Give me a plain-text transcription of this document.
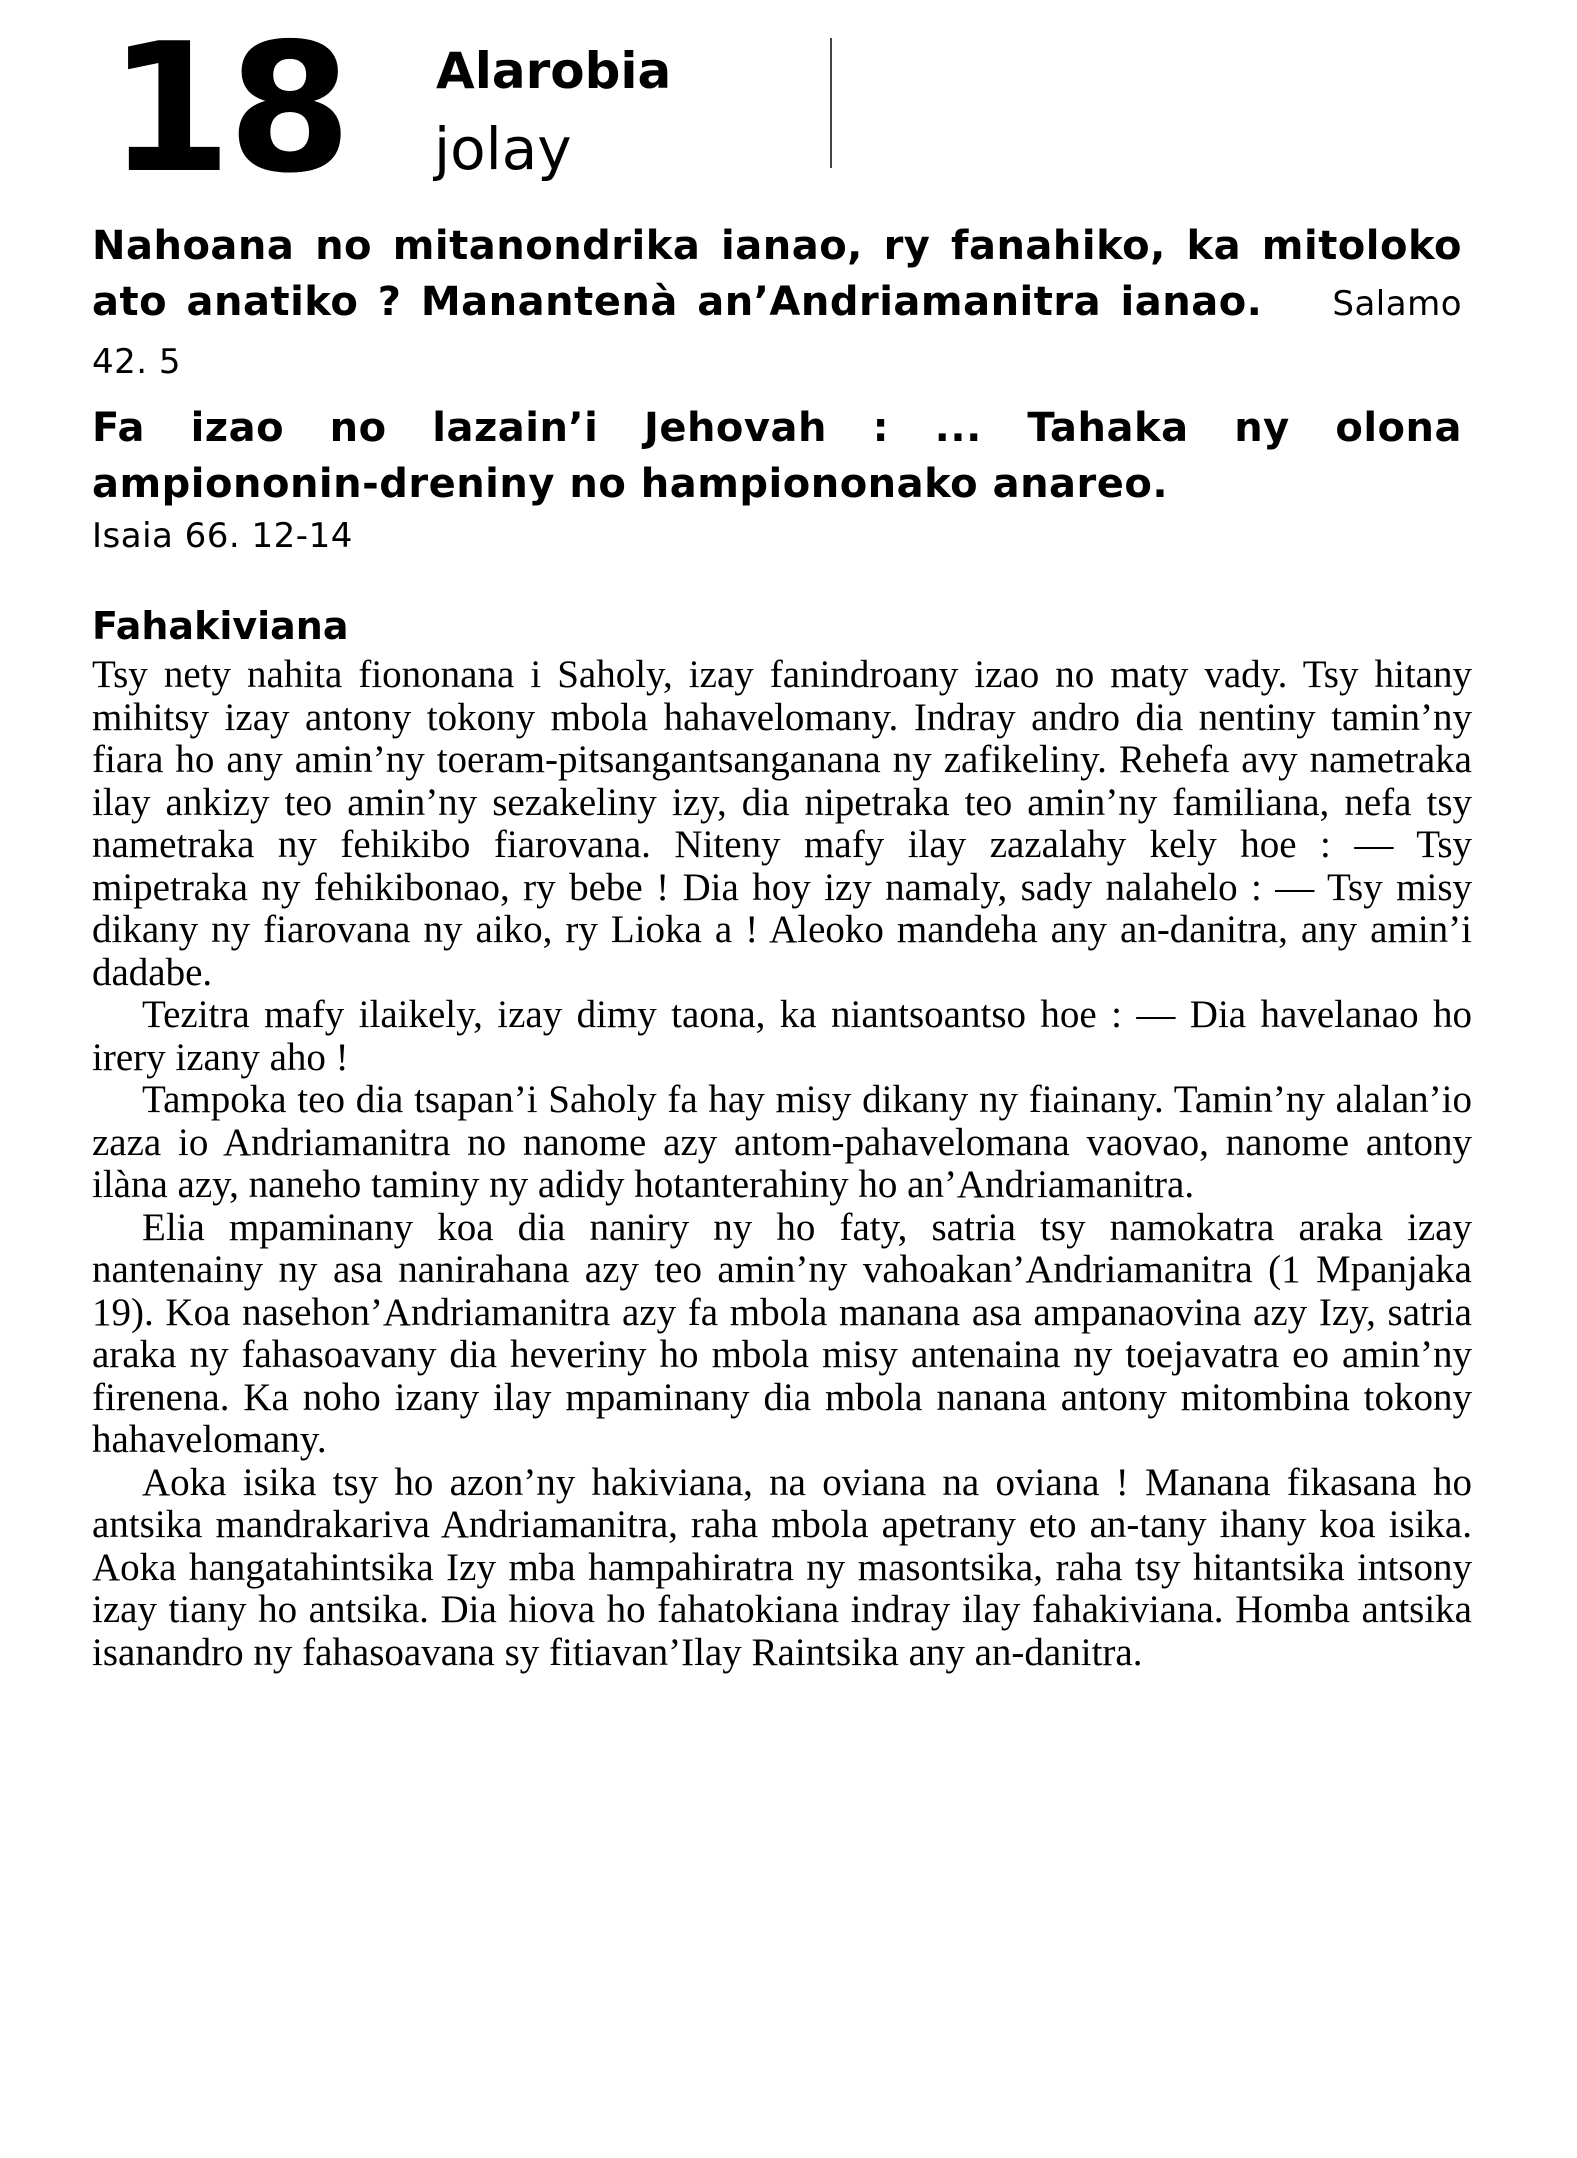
18 Alarobia
jolay
Nahoana no mitanondrika ianao, ry fanahiko, ka mitoloko ato anatiko ? Manantenà an’Andriamanitra ianao. Salamo 42. 5
Fa izao no lazain’i Jehovah : ... Tahaka ny olona ampiononin-dreniny no hampiononako anareo.
Isaia 66. 12-14
Fahakiviana

Tsy nety nahita fiononana i Saholy, izay fanindroany izao no maty vady. Tsy hitany mihitsy izay antony tokony mbola hahavelomany. Indray andro dia nentiny tamin’ny fiara ho any amin’ny toeram-pitsangantsanganana ny zafikeliny. Rehefa avy nametraka ilay ankizy teo amin’ny sezakeliny izy, dia nipetraka teo amin’ny familiana, nefa tsy nametraka ny fehikibo fiarovana. Niteny mafy ilay zazalahy kely hoe : — Tsy mipetraka ny fehikibonao, ry bebe ! Dia hoy izy namaly, sady nalahelo : — Tsy misy dikany ny fiarovana ny aiko, ry Lioka a ! Aleoko mandeha any an-danitra, any amin’i dadabe.

Tezitra mafy ilaikely, izay dimy taona, ka niantsoantso hoe : — Dia havelanao ho irery izany aho !

Tampoka teo dia tsapan’i Saholy fa hay misy dikany ny fiainany. Tamin’ny alalan’io zaza io Andriamanitra no nanome azy antom-pahavelomana vaovao, nanome antony ilàna azy, naneho taminy ny adidy hotanterahiny ho an’Andriamanitra.

Elia mpaminany koa dia naniry ny ho faty, satria tsy namokatra araka izay nantenainy ny asa nanirahana azy teo amin’ny vahoakan’Andriamanitra (1 Mpanjaka 19). Koa nasehon’Andriamanitra azy fa mbola manana asa ampanaovina azy Izy, satria araka ny fahasoavany dia heveriny ho mbola misy antenaina ny toejavatra eo amin’ny firenena. Ka noho izany ilay mpaminany dia mbola nanana antony mitombina tokony hahavelomany.

Aoka isika tsy ho azon’ny hakiviana, na oviana na oviana ! Manana fikasana ho antsika mandrakariva Andriamanitra, raha mbola apetrany eto an-tany ihany koa isika. Aoka hangatahintsika Izy mba hampahiratra ny masontsika, raha tsy hitantsika intsony izay tiany ho antsika. Dia hiova ho fahatokiana indray ilay fahakiviana. Homba antsika isanandro ny fahasoavana sy fitiavan’Ilay Raintsika any an-danitra.
